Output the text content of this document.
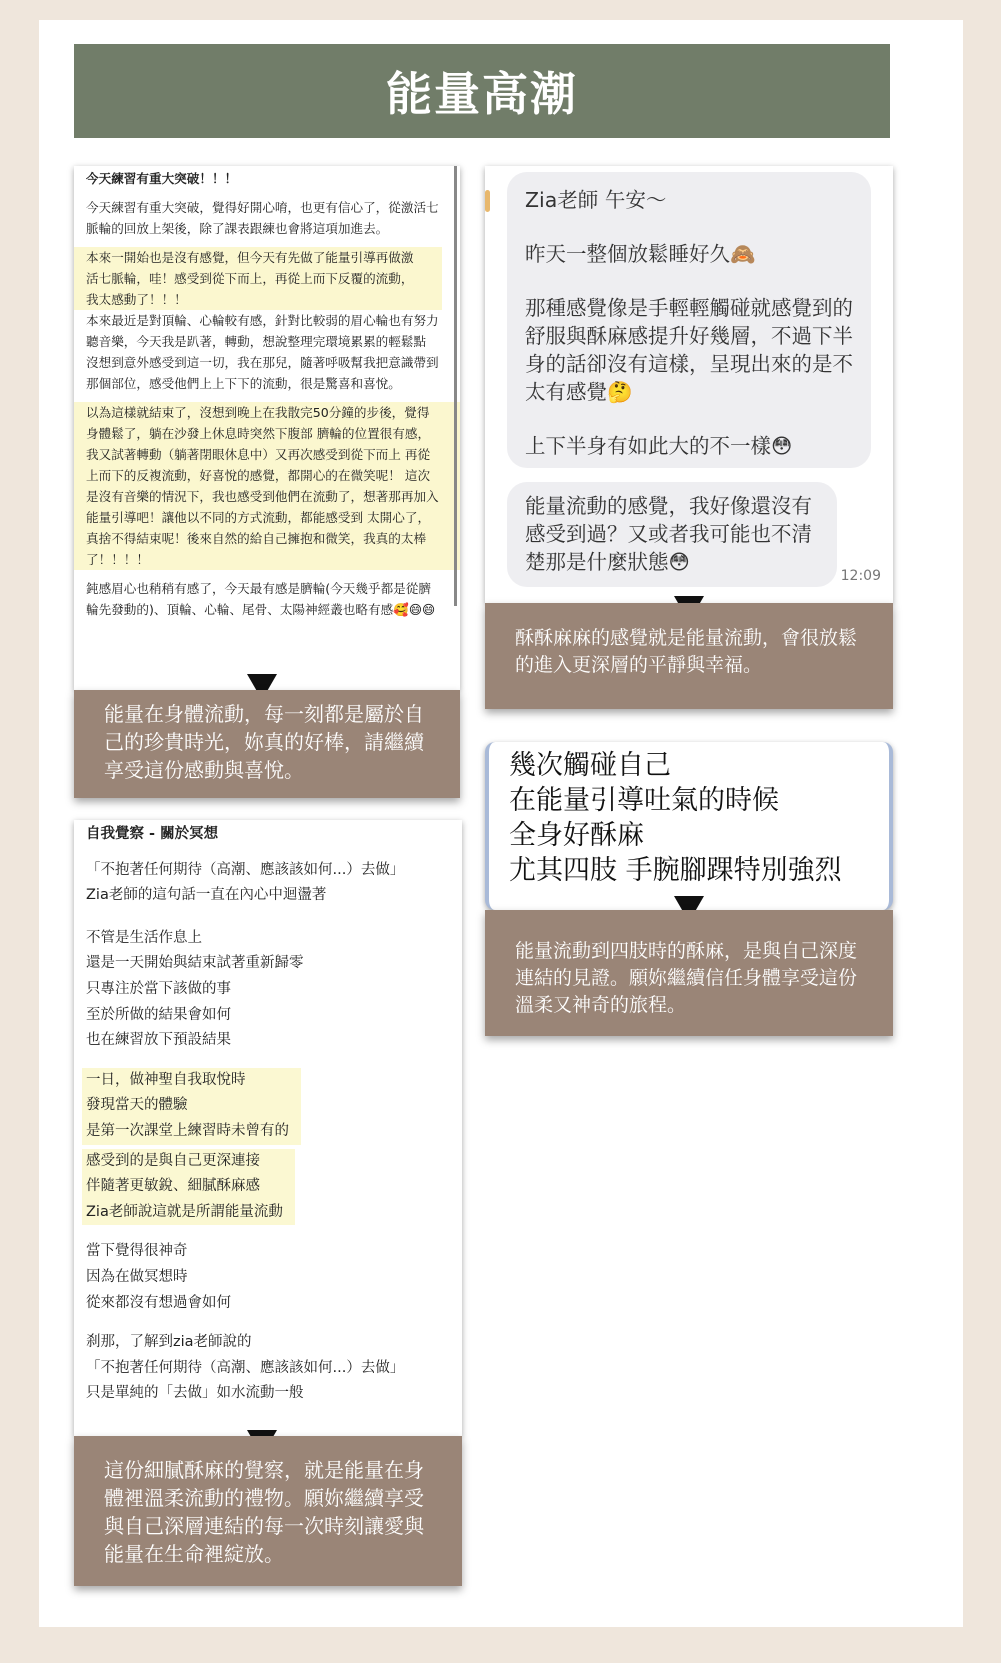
能量高潮

今天練習有重大突破！！！

今天練習有重大突破，覺得好開心唷，也更有信心了，從激活七脈輪的回放上架後，除了課表跟練也會將這項加進去。

本來一開始也是沒有感覺，但今天有先做了能量引導再做激活七脈輪，哇！感受到從下而上，再從上而下反覆的流動，我太感動了！！！

本來最近是對頂輪、心輪較有感，針對比較弱的眉心輪也有努力聽音樂，今天我是趴著，轉動，想說整理完環境累累的輕鬆點 沒想到意外感受到這一切，我在那兒，隨著呼吸幫我把意識帶到那個部位，感受他們上上下下的流動，很是驚喜和喜悅。

以為這樣就結束了，沒想到晚上在我散完50分鐘的步後，覺得身體鬆了，躺在沙發上休息時突然下腹部 臍輪的位置很有感，我又試著轉動（躺著閉眼休息中）又再次感受到從下而上 再從上而下的反複流動，好喜悅的感覺，都開心的在微笑呢！ 這次是沒有音樂的情況下，我也感受到他們在流動了，想著那再加入能量引導吧！讓他以不同的方式流動，都能感受到 太開心了，真捨不得結束呢！後來自然的給自己擁抱和微笑，我真的太棒了！！！！

鈍感眉心也稍稍有感了，今天最有感是臍輪(今天幾乎都是從臍輪先發動的)、頂輪、心輪、尾骨、太陽神經叢也略有感🥰😄😄

能量在身體流動，每一刻都是屬於自己的珍貴時光，妳真的好棒，請繼續享受這份感動與喜悅。

Zia老師 午安～

昨天一整個放鬆睡好久🙈

那種感覺像是手輕輕觸碰就感覺到的舒服與酥麻感提升好幾層，不過下半身的話卻沒有這樣，呈現出來的是不太有感覺🤔

上下半身有如此大的不一樣😳

能量流動的感覺，我好像還沒有感受到過？又或者我可能也不清楚那是什麼狀態😳

12:09

酥酥麻麻的感覺就是能量流動，會很放鬆的進入更深層的平靜與幸福。

幾次觸碰自己
在能量引導吐氣的時候
全身好酥麻
尤其四肢 手腕腳踝特別強烈

能量流動到四肢時的酥麻，是與自己深度連結的見證。願妳繼續信任身體享受這份溫柔又神奇的旅程。

自我覺察 - 關於冥想
「不抱著任何期待（高潮、應該該如何...）去做」
Zia老師的這句話一直在內心中迴盪著
不管是生活作息上
還是一天開始與結束試著重新歸零
只專注於當下該做的事
至於所做的結果會如何
也在練習放下預設結果
一日，做神聖自我取悅時
發現當天的體驗
是第一次課堂上練習時未曾有的
感受到的是與自己更深連接
伴隨著更敏銳、細膩酥麻感
Zia老師說這就是所謂能量流動
當下覺得很神奇
因為在做冥想時
從來都沒有想過會如何
刹那，了解到zia老師說的
「不抱著任何期待（高潮、應該該如何...）去做」
只是單純的「去做」如水流動一般

這份細膩酥麻的覺察，就是能量在身體裡溫柔流動的禮物。願妳繼續享受與自己深層連結的每一次時刻讓愛與能量在生命裡綻放。
